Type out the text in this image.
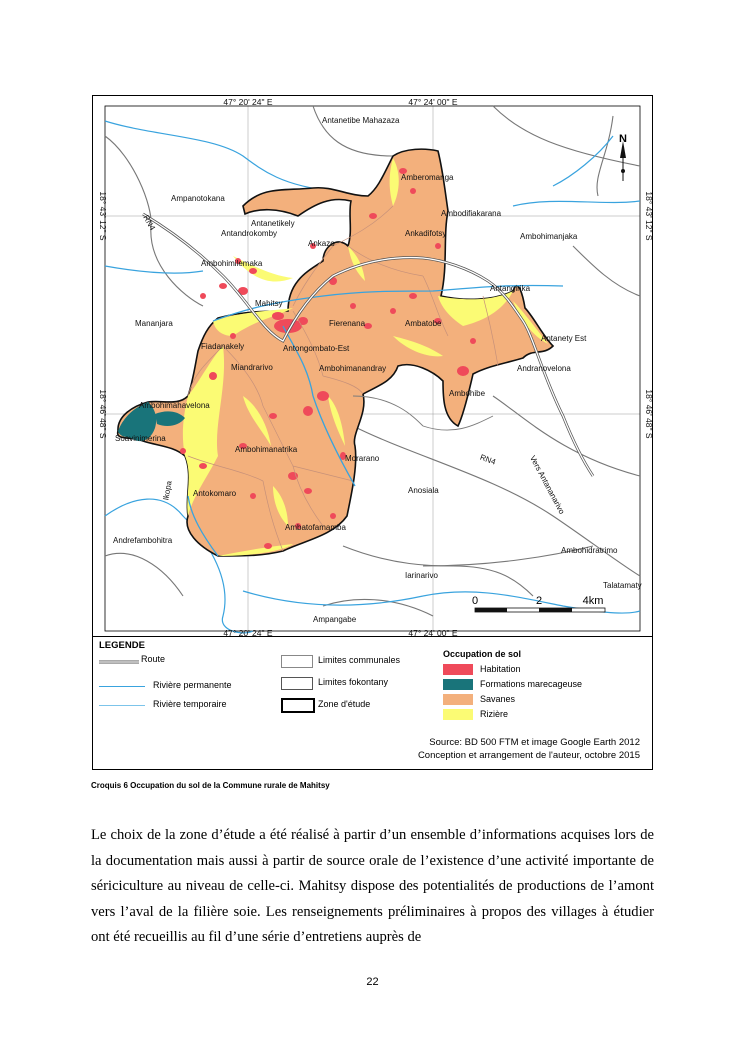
N
0	2	4km
Amberomanga
Ambodifiakarana
Antanetikely
Antandrokomby	Ankadifotsy
Ankazo
Ambohimilemaka
Mahitsy
Fierenana	Ambatobe
Antangirika
Antanety Est
Fiadanakely	Antongombato-Est
Miandrarivo	Andranovelona
Ambohibe
Ambohimanandray
Ambohimahavelona
Soavinimerina
Ambohimanatrika
Morarano
Antokomaro
Ambatofamamba
Andrefambohitra
Antanetibe Mahazaza
Ampanotokana
Mananjara
Ambohimanjaka
Anosiala
Ambohidratrimo
Talatamaty
Iarinarivo
Ampangabe
47° 20' 24" E	47° 24' 00" E
47° 20' 24" E	47° 24' 00" E
18° 43' 12" S
18° 46' 48" S
18° 43' 12" S
18° 46' 48" S
RN4
RN4	Vers Antananarivo
Ikopa
LEGENDE
Route
Rivière permanente
Rivière temporaire
Limites communales
Limites fokontany
Zone d'étude
Occupation de sol
Habitation
Formations marecageuse
Savanes
Rizière
Source: BD 500 FTM et image Google Earth 2012
Conception et arrangement de l'auteur, octobre 2015
Croquis 6 Occupation du sol de la Commune rurale de Mahitsy

Le choix de la zone d’étude a été réalisé à partir d’un ensemble d’informations acquises lors de la documentation mais aussi à partir de source orale de l’existence d’une activité importante de sériciculture au niveau de celle-ci. Mahitsy dispose des potentialités de productions de l’amont vers l’aval de la filière soie. Les renseignements préliminaires à propos des villages à étudier ont été recueillis au fil d’une série d’entretiens auprès de

22
